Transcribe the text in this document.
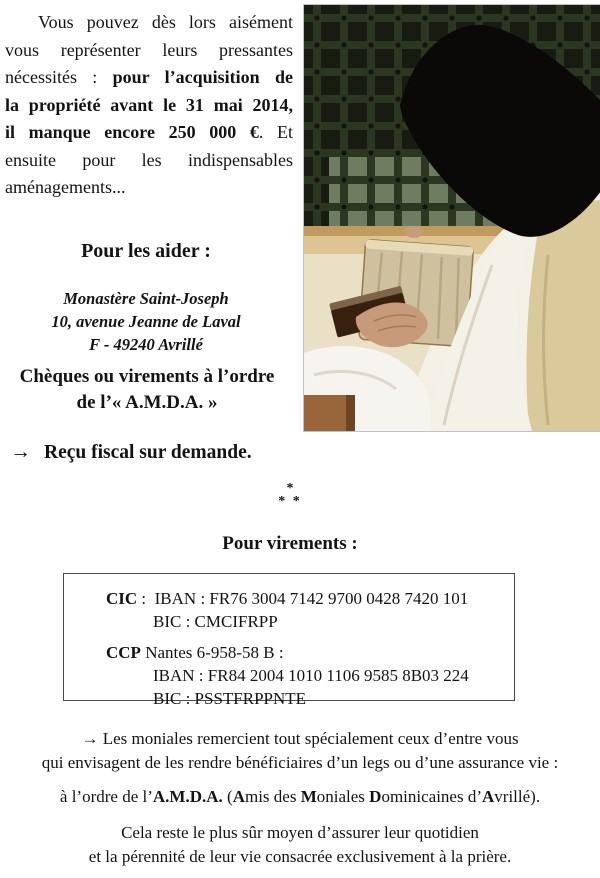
Vous pouvez dès lors aisément
vous représenter leurs pressantes
nécessités : pour l’acquisition de
la propriété avant le 31 mai 2014,
il manque encore 250 000 €. Et
ensuite pour les indispensables
aménagements...
Pour les aider :
Monastère Saint-Joseph
10, avenue Jeanne de Laval
F - 49240 Avrillé
Chèques ou virements à l’ordre
de l’« A.M.D.A. »
→ Reçu fiscal sur demande.
*
* *
Pour virements :
CIC :  IBAN : FR76 3004 7142 9700 0428 7420 101
BIC : CMCIFRPP
CCP Nantes 6-958-58 B :
IBAN : FR84 2004 1010 1106 9585 8B03 224
BIC : PSSTFRPPNTE
→ Les moniales remercient tout spécialement ceux d’entre vous
qui envisagent de les rendre bénéficiaires d’un legs ou d’une assurance vie :
à l’ordre de l’A.M.D.A. (Amis des Moniales Dominicaines d’Avrillé).
Cela reste le plus sûr moyen d’assurer leur quotidien
et la pérennité de leur vie consacrée exclusivement à la prière.
